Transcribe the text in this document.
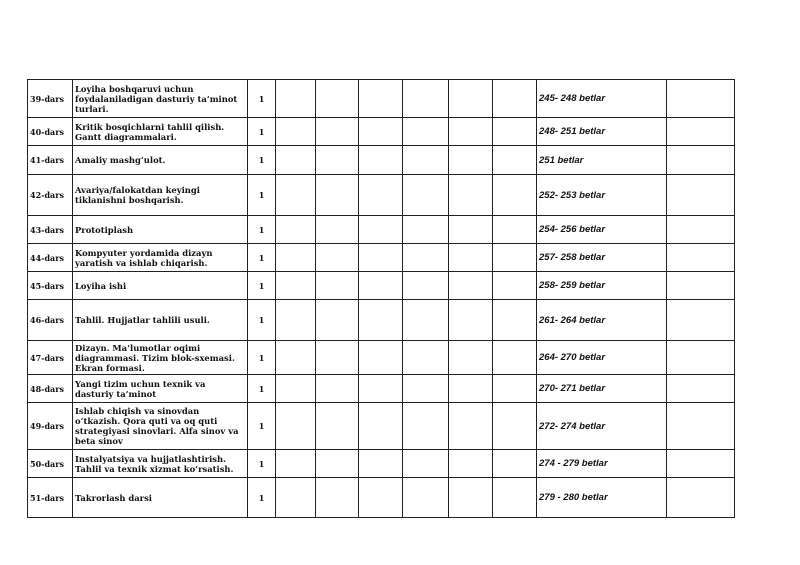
39-dars	Loyiha boshqaruvi uchun
foydalaniladigan dasturiy ta’minot
turlari.	1							245- 248 betlar	
40-dars	Kritik bosqichlarni tahlil qilish.
Gantt diagrammalari.	1							248- 251 betlar	
41-dars	Amaliy mashg‘ulot.	1							251 betlar	
42-dars	Avariya/falokatdan keyingi
tiklanishni boshqarish.	1							252- 253 betlar	
43-dars	Prototiplash	1							254- 256 betlar	
44-dars	Kompyuter yordamida dizayn
yaratish va ishlab chiqarish.	1							257- 258 betlar	
45-dars	Loyiha ishi	1							258- 259 betlar	
46-dars	Tahlil. Hujjatlar tahlili usuli.	1							261- 264 betlar	
47-dars	Dizayn. Ma’lumotlar oqimi
diagrammasi. Tizim blok-sxemasi.
Ekran formasi.	1							264- 270 betlar	
48-dars	Yangi tizim uchun texnik va
dasturiy ta’minot	1							270- 271 betlar	
49-dars	Ishlab chiqish va sinovdan
o‘tkazish. Qora quti va oq quti
strategiyasi sinovlari. Alfa sinov va
beta sinov	1							272- 274 betlar	
50-dars	Instalyatsiya va hujjatlashtirish.
Tahlil va texnik xizmat ko‘rsatish.	1							274 - 279 betlar	
51-dars	Takrorlash darsi	1							279 - 280 betlar	
